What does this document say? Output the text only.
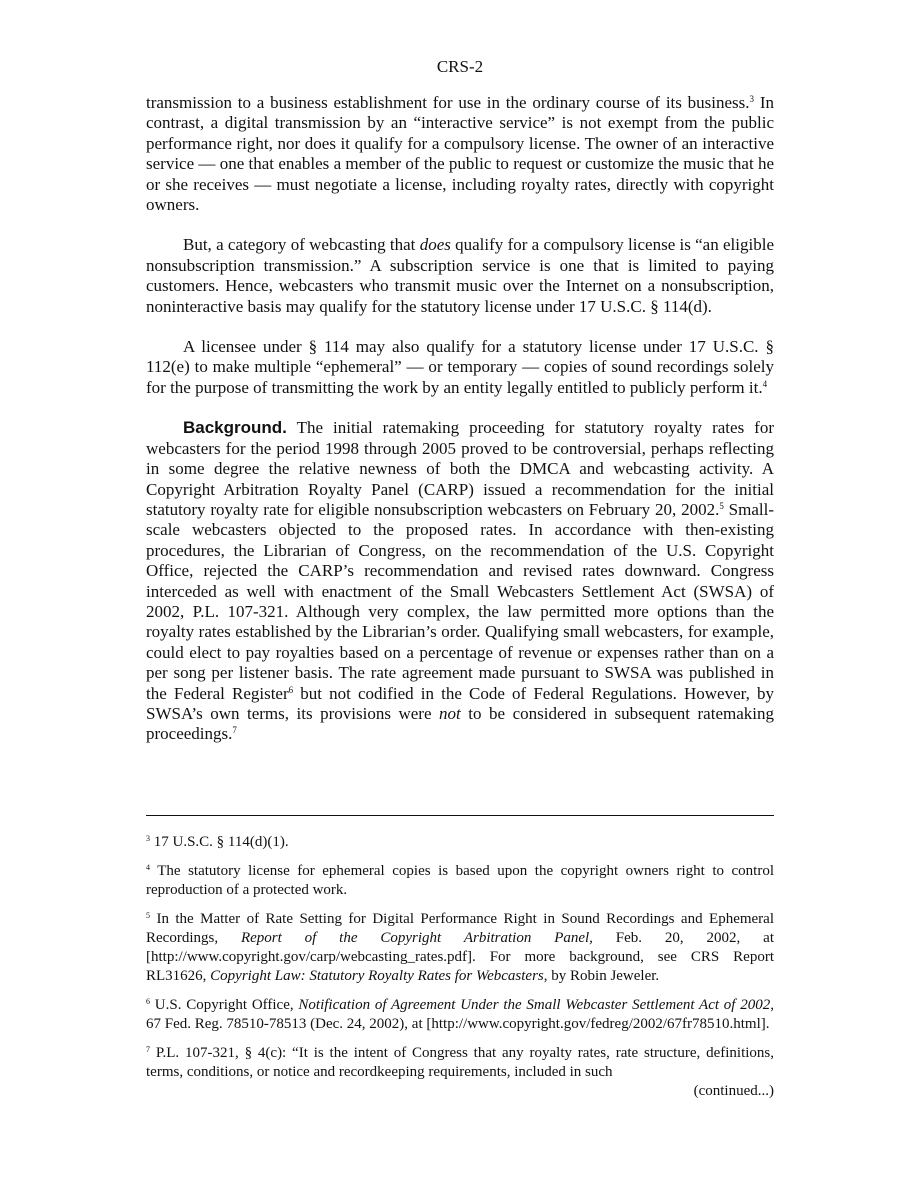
CRS-2

transmission to a business establishment for use in the ordinary course of its business.$^3$ In contrast, a digital transmission by an “interactive service” is not exempt from the public performance right, nor does it qualify for a compulsory license. The owner of an interactive service — one that enables a member of the public to request or customize the music that he or she receives — must negotiate a license, including royalty rates, directly with copyright owners.

But, a category of webcasting that does qualify for a compulsory license is “an eligible nonsubscription transmission.” A subscription service is one that is limited to paying customers. Hence, webcasters who transmit music over the Internet on a nonsubscription, noninteractive basis may qualify for the statutory license under 17 U.S.C. § 114(d).

A licensee under § 114 may also qualify for a statutory license under 17 U.S.C. § 112(e) to make multiple “ephemeral” — or temporary — copies of sound recordings solely for the purpose of transmitting the work by an entity legally entitled to publicly perform it.$^4$

Background. The initial ratemaking proceeding for statutory royalty rates for webcasters for the period 1998 through 2005 proved to be controversial, perhaps reflecting in some degree the relative newness of both the DMCA and webcasting activity. A Copyright Arbitration Royalty Panel (CARP) issued a recommendation for the initial statutory royalty rate for eligible nonsubscription webcasters on February 20, 2002.$^5$ Small-scale webcasters objected to the proposed rates. In accordance with then-existing procedures, the Librarian of Congress, on the recommendation of the U.S. Copyright Office, rejected the CARP’s recommendation and revised rates downward. Congress interceded as well with enactment of the Small Webcasters Settlement Act (SWSA) of 2002, P.L. 107-321. Although very complex, the law permitted more options than the royalty rates established by the Librarian’s order. Qualifying small webcasters, for example, could elect to pay royalties based on a percentage of revenue or expenses rather than on a per song per listener basis. The rate agreement made pursuant to SWSA was published in the Federal Register$^6$ but not codified in the Code of Federal Regulations. However, by SWSA’s own terms, its provisions were not to be considered in subsequent ratemaking proceedings.$^7$

$^3$ 17 U.S.C. § 114(d)(1).

$^4$ The statutory license for ephemeral copies is based upon the copyright owners right to control reproduction of a protected work.

$^5$ In the Matter of Rate Setting for Digital Performance Right in Sound Recordings and Ephemeral Recordings, Report of the Copyright Arbitration Panel, Feb. 20, 2002, at [http://www.copyright.gov/carp/webcasting_rates.pdf]. For more background, see CRS Report RL31626, Copyright Law: Statutory Royalty Rates for Webcasters, by Robin Jeweler.

$^6$ U.S. Copyright Office, Notification of Agreement Under the Small Webcaster Settlement Act of 2002, 67 Fed. Reg. 78510-78513 (Dec. 24, 2002), at [http://www.copyright.gov/fedreg/2002/67fr78510.html].

$^7$ P.L. 107-321, § 4(c): “It is the intent of Congress that any royalty rates, rate structure, definitions, terms, conditions, or notice and recordkeeping requirements, included in such

(continued...)
